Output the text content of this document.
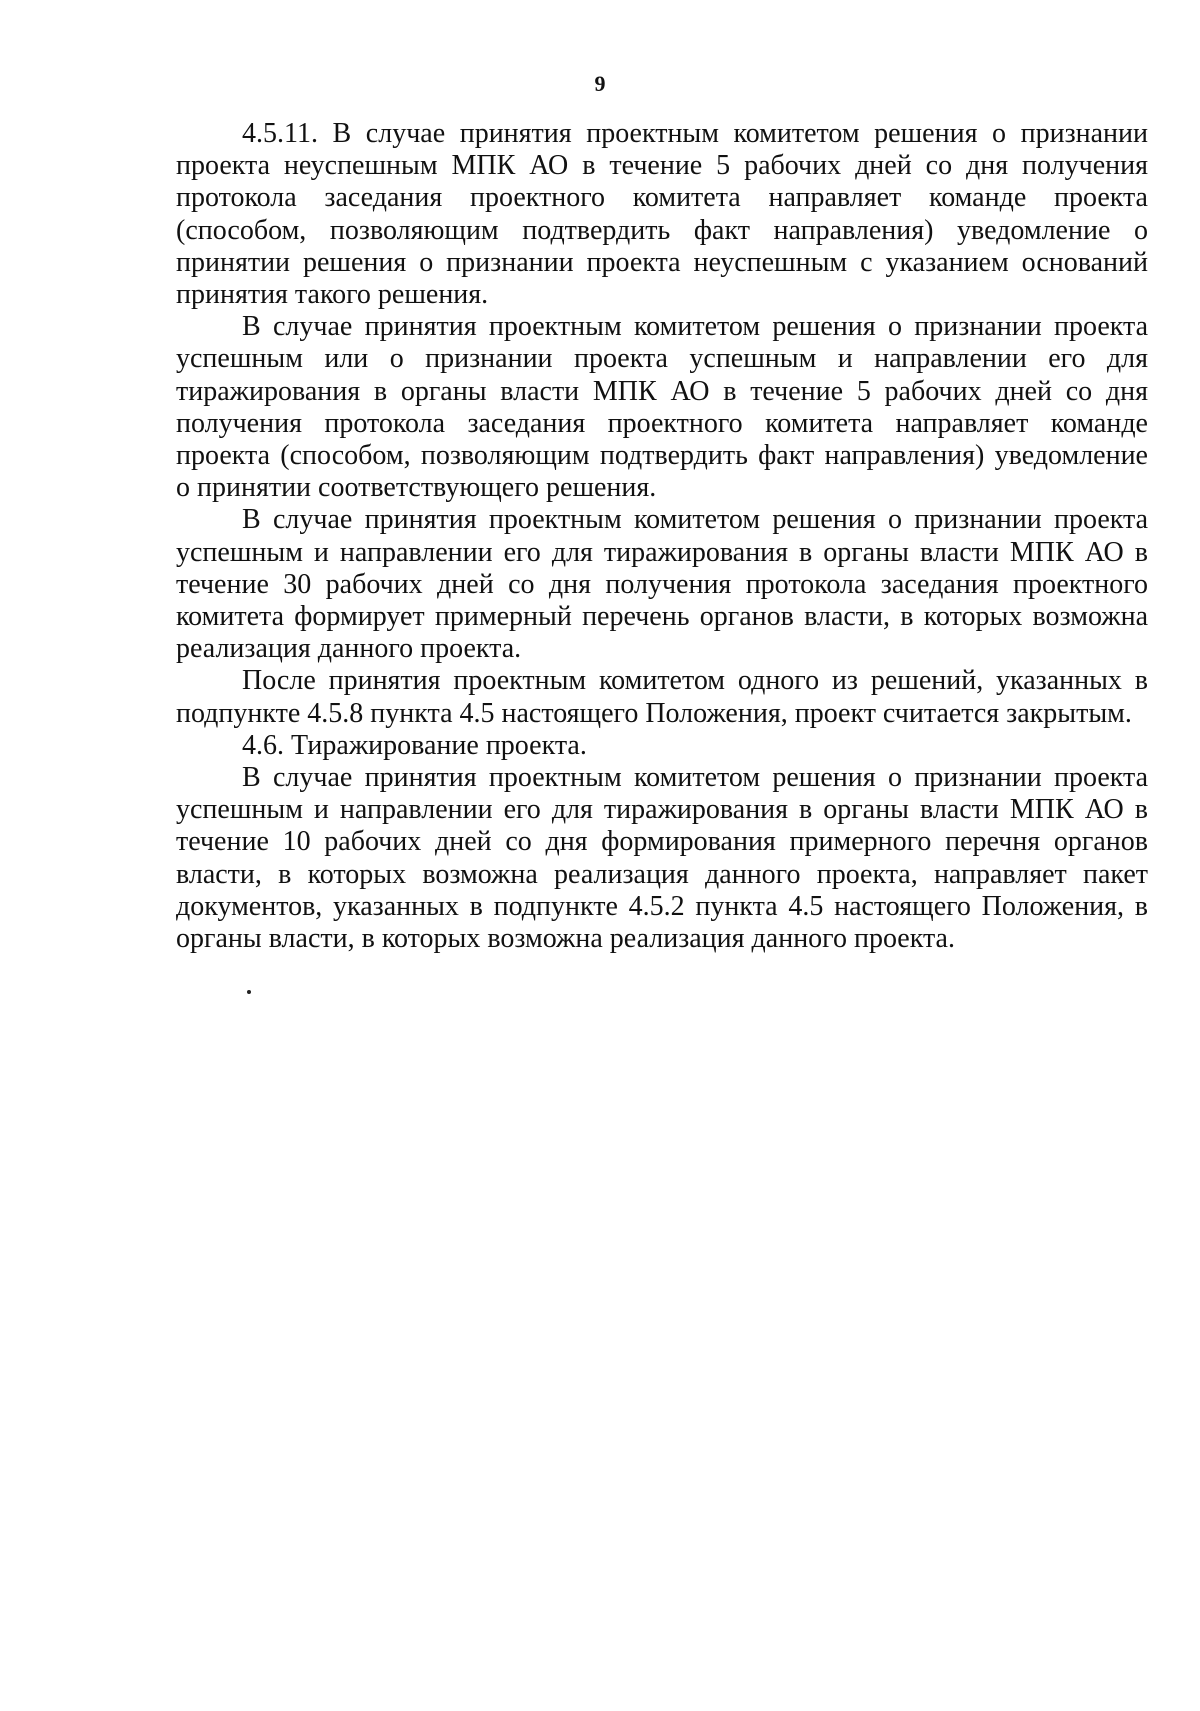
9

4.5.11. В случае принятия проектным комитетом решения о признании проекта неуспешным МПК АО в течение 5 рабочих дней со дня получения протокола заседания проектного комитета направляет команде проекта (способом, позволяющим подтвердить факт направления) уведомление о принятии решения о признании проекта неуспешным с указанием оснований принятия такого решения.

В случае принятия проектным комитетом решения о признании проекта успешным или о признании проекта успешным и направлении его для тиражирования в органы власти МПК АО в течение 5 рабочих дней со дня получения протокола заседания проектного комитета направляет команде проекта (способом, позволяющим подтвердить факт направления) уведомление о принятии соответствующего решения.

В случае принятия проектным комитетом решения о признании проекта успешным и направлении его для тиражирования в органы власти МПК АО в течение 30 рабочих дней со дня получения протокола заседания проектного комитета формирует примерный перечень органов власти, в которых возможна реализация данного проекта.

После принятия проектным комитетом одного из решений, указанных в подпункте 4.5.8 пункта 4.5 настоящего Положения, проект считается закрытым.

4.6. Тиражирование проекта.

В случае принятия проектным комитетом решения о признании проекта успешным и направлении его для тиражирования в органы власти МПК АО в течение 10 рабочих дней со дня формирования примерного перечня органов власти, в которых возможна реализация данного проекта, направляет пакет документов, указанных в подпункте 4.5.2 пункта 4.5 настоящего Положения, в органы власти, в которых возможна реализация данного проекта.
